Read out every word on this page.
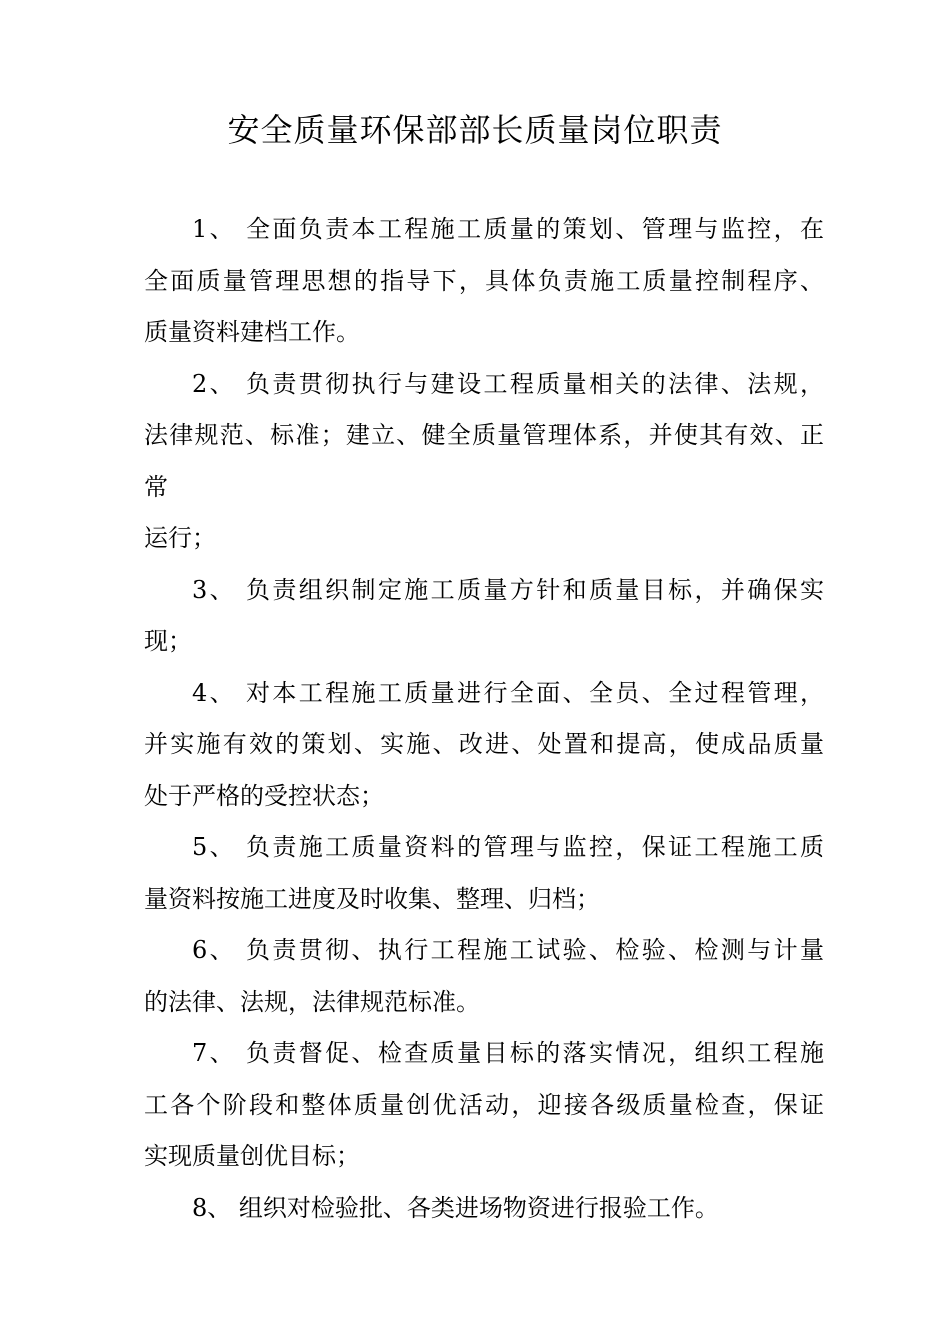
安全质量环保部部长质量岗位职责
1、 全面负责本工程施工质量的策划、管理与监控，在
全面质量管理思想的指导下，具体负责施工质量控制程序、
质量资料建档工作。
2、 负责贯彻执行与建设工程质量相关的法律、法规，
法律规范、标准；建立、健全质量管理体系，并使其有效、正
常
运行；
3、 负责组织制定施工质量方针和质量目标，并确保实
现；
4、 对本工程施工质量进行全面、全员、全过程管理，
并实施有效的策划、实施、改进、处置和提高，使成品质量
处于严格的受控状态；
5、 负责施工质量资料的管理与监控，保证工程施工质
量资料按施工进度及时收集、整理、归档；
6、 负责贯彻、执行工程施工试验、检验、检测与计量
的法律、法规，法律规范标准。
7、 负责督促、检查质量目标的落实情况，组织工程施
工各个阶段和整体质量创优活动，迎接各级质量检查，保证
实现质量创优目标；
8、 组织对检验批、各类进场物资进行报验工作。
